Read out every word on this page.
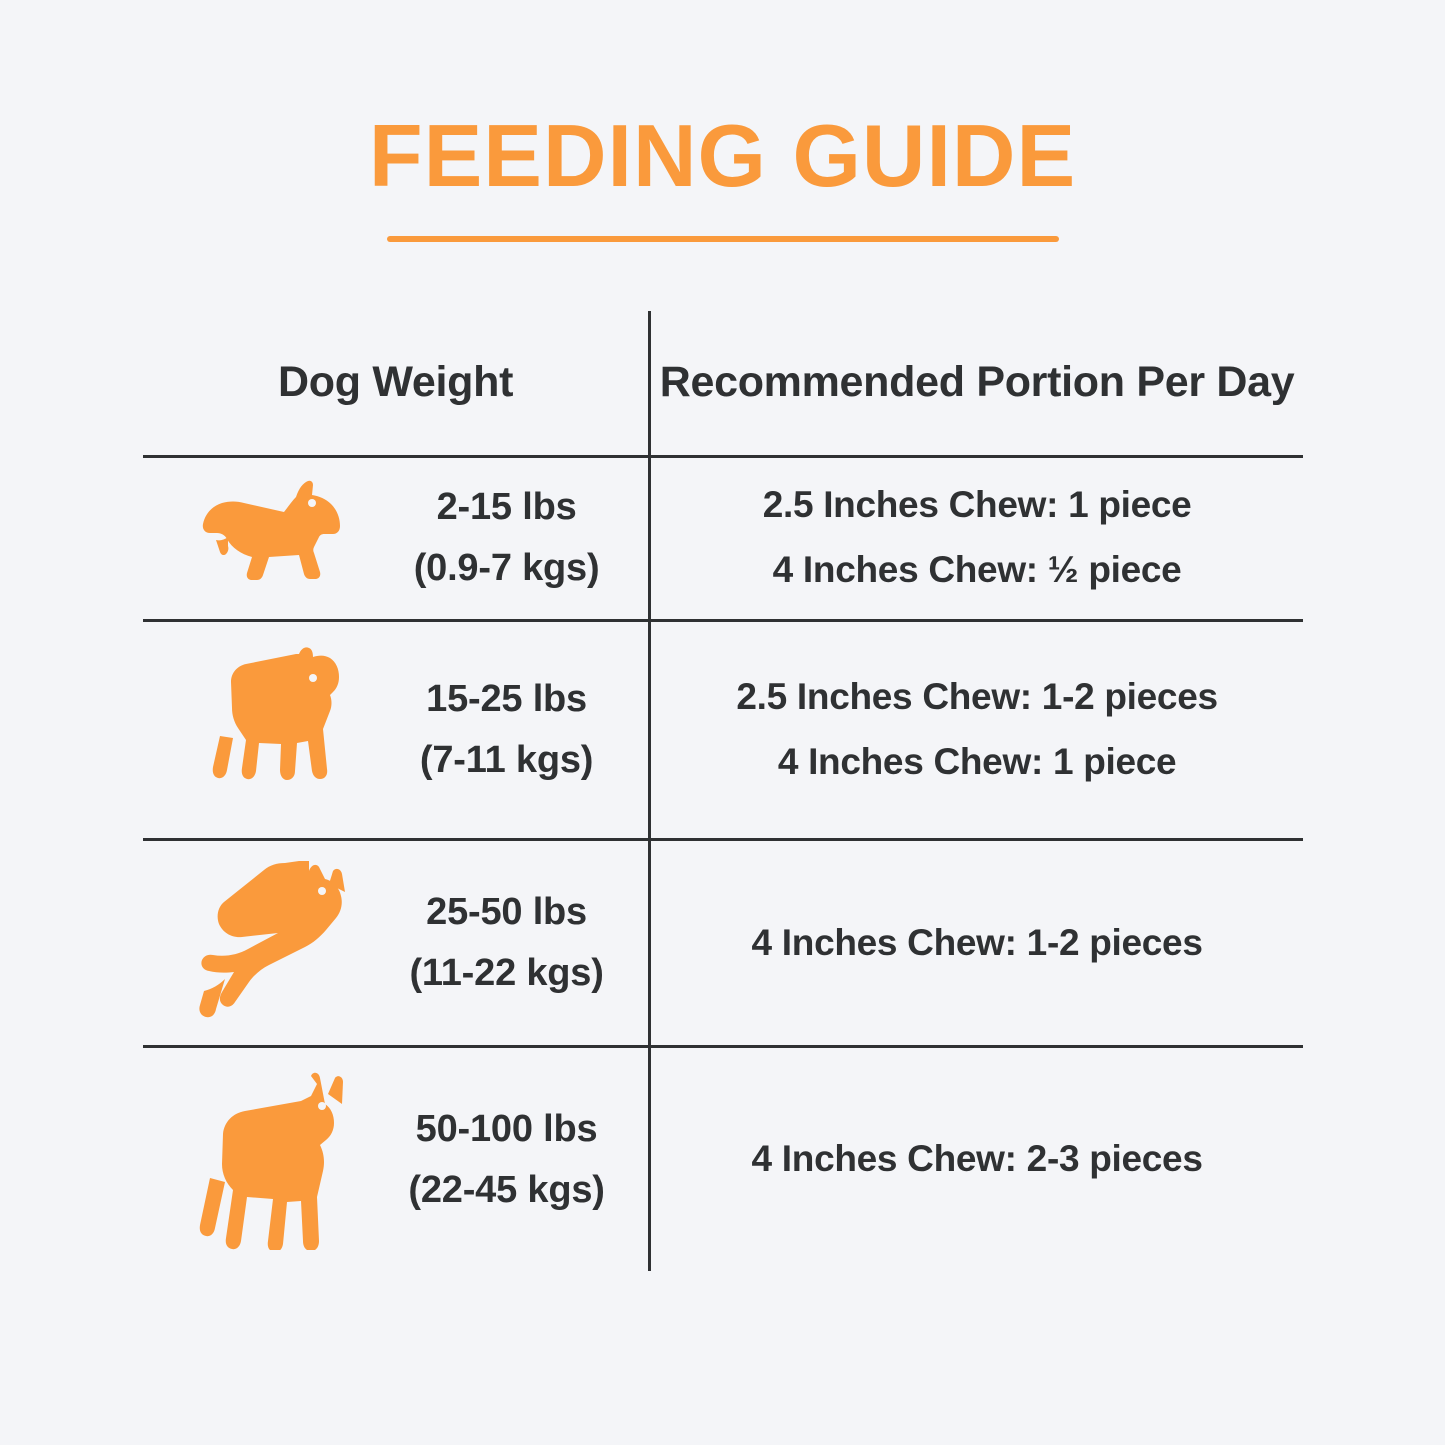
FEEDING GUIDE
Dog Weight	Recommended Portion Per Day

2-15 lbs
(0.9-7 kgs)	2.5 Inches Chew: 1 piece
4 Inches Chew: ½ piece

15-25 lbs
(7-11 kgs)	2.5 Inches Chew: 1-2 pieces
4 Inches Chew: 1 piece

25-50 lbs
(11-22 kgs)	4 Inches Chew: 1-2 pieces

50-100 lbs
(22-45 kgs)	4 Inches Chew: 2-3 pieces
